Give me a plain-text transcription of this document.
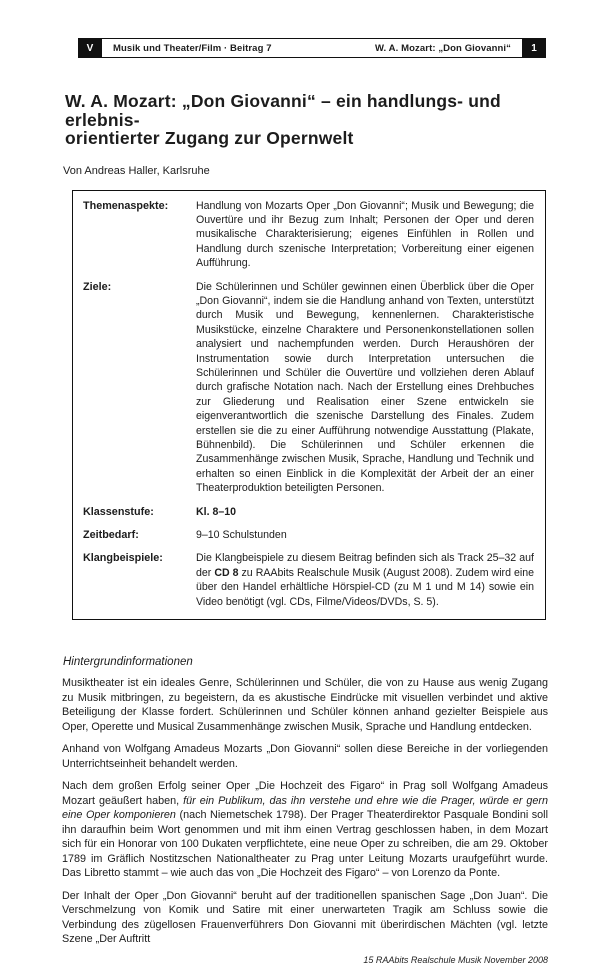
V	Musik und Theater/Film · Beitrag 7	W. A. Mozart: „Don Giovanni“	1
W. A. Mozart: „Don Giovanni“ – ein handlungs- und erlebnis-
orientierter Zugang zur Opernwelt
Von Andreas Haller, Karlsruhe
Themenaspekte:	Handlung von Mozarts Oper „Don Giovanni“; Musik und Bewegung; die Ouvertüre und ihr Bezug zum Inhalt; Personen der Oper und deren musikalische Charakterisierung; eigenes Einfühlen in Rollen und Handlung durch szenische Interpretation; Vorbereitung einer eigenen Aufführung.
Ziele:	Die Schülerinnen und Schüler gewinnen einen Überblick über die Oper „Don Giovanni“, indem sie die Handlung anhand von Texten, unterstützt durch Musik und Bewegung, kennenlernen. Charakteristische Musikstücke, einzelne Charaktere und Personenkonstellationen sollen analysiert und nachempfunden werden. Durch Heraushören der Instrumentation sowie durch Interpretation untersuchen die Schülerinnen und Schüler die Ouvertüre und vollziehen deren Ablauf durch grafische Notation nach. Nach der Erstellung eines Drehbuches zur Gliederung und Realisation einer Szene entwickeln sie eigenverantwortlich die szenische Darstellung des Finales. Zudem erstellen sie die zu einer Aufführung notwendige Ausstattung (Plakate, Bühnenbild). Die Schülerinnen und Schüler erkennen die Zusammenhänge zwischen Musik, Sprache, Handlung und Technik und erhalten so einen Einblick in die Komplexität der Arbeit der an einer Theaterproduktion beteiligten Personen.
Klassenstufe:	Kl. 8–10
Zeitbedarf:	9–10 Schulstunden
Klangbeispiele:	Die Klangbeispiele zu diesem Beitrag befinden sich als Track 25–32 auf der CD 8 zu RAAbits Realschule Musik (August 2008). Zudem wird eine über den Handel erhältliche Hörspiel-CD (zu M 1 und M 14) sowie ein Video benötigt (vgl. CDs, Filme/Videos/DVDs, S. 5).
Hintergrundinformationen

Musiktheater ist ein ideales Genre, Schülerinnen und Schüler, die von zu Hause aus wenig Zugang zu Musik mitbringen, zu begeistern, da es akustische Eindrücke mit visuellen verbindet und aktive Beteiligung der Klasse fordert. Schülerinnen und Schüler können anhand gezielter Beispiele aus Oper, Operette und Musical Zusammenhänge zwischen Musik, Sprache und Handlung entdecken.

Anhand von Wolfgang Amadeus Mozarts „Don Giovanni“ sollen diese Bereiche in der vorliegenden Unterrichtseinheit behandelt werden.

Nach dem großen Erfolg seiner Oper „Die Hochzeit des Figaro“ in Prag soll Wolfgang Amadeus Mozart geäußert haben, für ein Publikum, das ihn verstehe und ehre wie die Prager, würde er gern eine Oper komponieren (nach Niemetschek 1798). Der Prager Theaterdirektor Pasquale Bondini soll ihn daraufhin beim Wort genommen und mit ihm einen Vertrag geschlossen haben, in dem Mozart sich für ein Honorar von 100 Dukaten verpflichtete, eine neue Oper zu schreiben, die am 29. Oktober 1789 im Gräflich Nostitzschen Nationaltheater zu Prag unter Leitung Mozarts uraufgeführt wurde. Das Libretto stammt – wie auch das von „Die Hochzeit des Figaro“ – von Lorenzo da Ponte.

Der Inhalt der Oper „Don Giovanni“ beruht auf der traditionellen spanischen Sage „Don Juan“. Die Verschmelzung von Komik und Satire mit einer unerwarteten Tragik am Schluss sowie die Verbindung des zügellosen Frauenverführers Don Giovanni mit überirdischen Mächten (vgl. letzte Szene „Der Auftritt

15 RAAbits Realschule Musik November 2008
